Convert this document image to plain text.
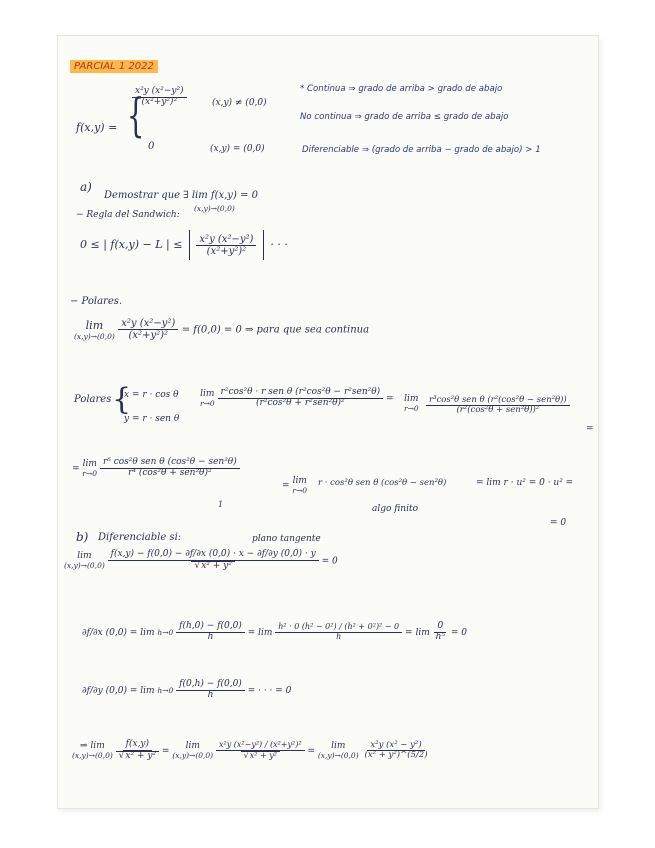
PARCIAL 1 2022
f(x,y) = {
$\frac{\text{x²y (x²−y²)}}{\text{(x²+y²)²}}$	(x,y) ≠ (0,0)
0	(x,y) = (0,0)
* Continua ⇒ grado de arriba > grado de abajo
No continua ⇒ grado de arriba ≤ grado de abajo
Diferenciable ⇒ (grado de arriba − grado de abajo) > 1
a)
Demostrar que ∃ lim f(x,y) = 0
(x,y)→(0,0)
− Regla del Sandwich:
0 ≤ | f(x,y) − L | ≤ $\frac{\text{x²y (x²−y²)}}{\text{(x²+y²)²}}$ · · ·
− Polares.
lim
(x,y)→(0,0)
$\frac{\text{x²y (x²−y²)}}{\text{(x²+y²)²}} = f(0,0) = 0$ ⇒ para que sea continua
Polares {
x = r · cos θ
y = r · sen θ
lim
r→0
$\frac{\text{r²cos²θ · r sen θ (r²cos²θ − r²sen²θ)}}{\text{(r²cos²θ + r²sen²θ)²}} = \lim$
$r\to 0 \frac{\text{r³cos²θ sen θ (r²(cos²θ − sen²θ))}}{\text{(r²(cos²θ + sen²θ))²}}$
=
= lim
r→0
$\frac{\text{r⁵ cos²θ sen θ (cos²θ − sen²θ)}}{\text{r⁴ (cos²θ + sen²θ)²}}$
1
= lim
r→0
r · cos²θ sen θ (cos²θ − sen²θ)
algo finito
= lim r · u² = 0 · u² =
= 0
b) Diferenciable si:	plano tangente
lim
(x,y)→(0,0)
f(x,y) − f(0,0) − ∂f/∂x (0,0) · x − ∂f/∂y (0,0) · y
√ x² + y² = 0
∂f/∂x (0,0) = lim h→0
$\frac{f(h,0) - f(0,0)}{h} = \lim \frac{\text{h² · 0 (h² − 0²) / (h² + 0²)² − 0}}{h} = \lim \frac{0}{\text{h⁵}} = 0$
∂f/∂y (0,0) = lim h→0
$\frac{f(0,h) - f(0,0)}{h}$ = · · · = 0
⇒ lim
(x,y)→(0,0)
f(x,y)
√ x² + y² = lim
(x,y)→(0,0)
x²y (x²−y²) / (x²+y²)²
√ x² + y² = lim
(x,y)→(0,0)
$\frac{\text{x²y (x² − y²)}}{\text{(x² + y²)\textasciicircum{}(5/2)}}$
